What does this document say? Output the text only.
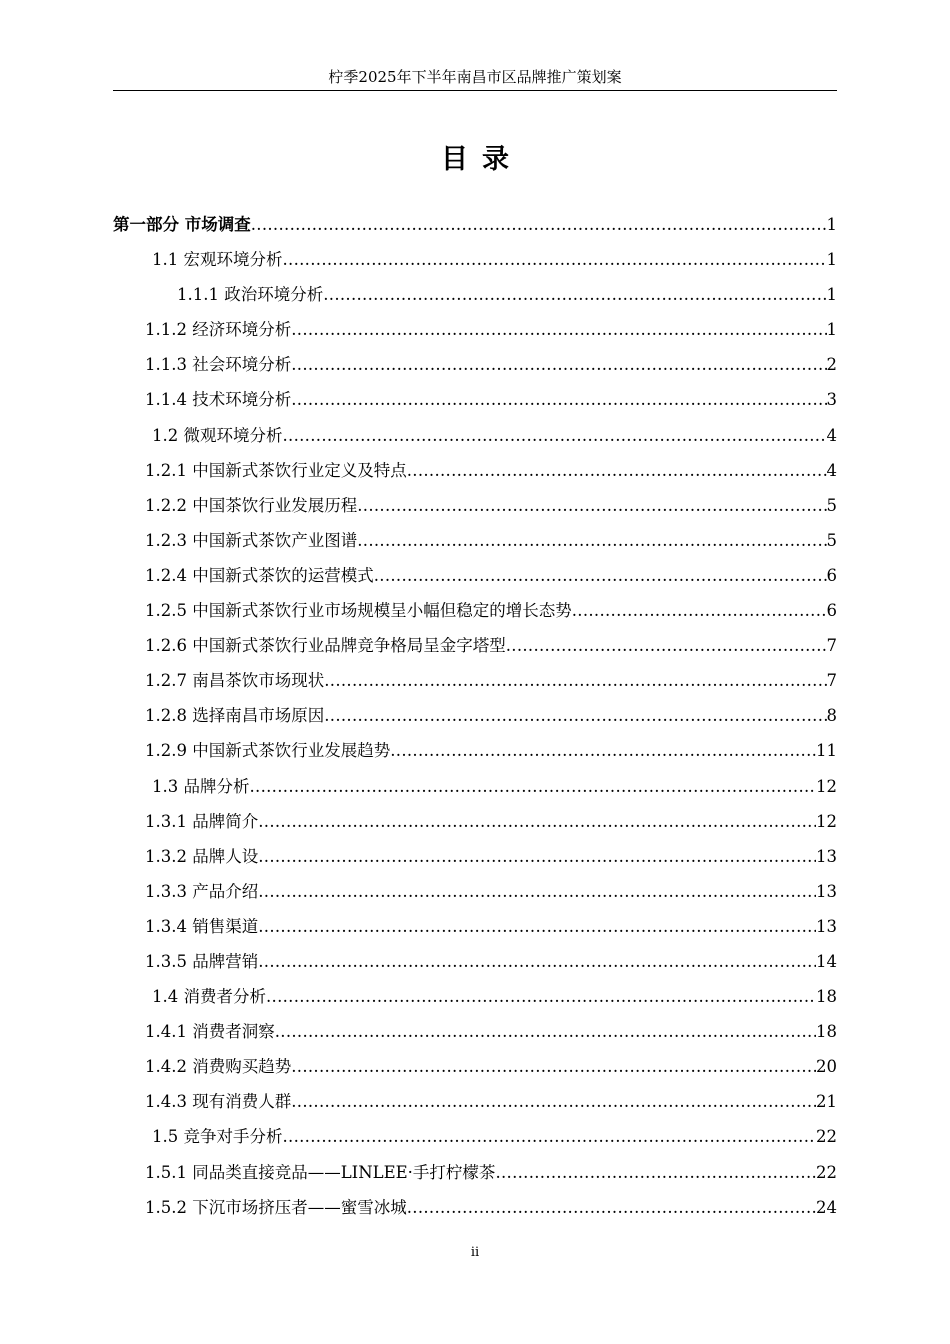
柠季2025年下半年南昌市区品牌推广策划案
目录
第一部分 市场调查 .....	1
1.1 宏观环境分析 .....	1
1.1.1 政治环境分析 .....	1
1.1.2 经济环境分析 .....	1
1.1.3 社会环境分析 .....	2
1.1.4 技术环境分析 .....	3
1.2 微观环境分析 .....	4
1.2.1 中国新式茶饮行业定义及特点 .....	4
1.2.2 中国茶饮行业发展历程 .....	5
1.2.3 中国新式茶饮产业图谱 .....	5
1.2.4 中国新式茶饮的运营模式 .....	6
1.2.5 中国新式茶饮行业市场规模呈小幅但稳定的增长态势 .....	6
1.2.6 中国新式茶饮行业品牌竞争格局呈金字塔型 .....	7
1.2.7 南昌茶饮市场现状 .....	7
1.2.8 选择南昌市场原因 .....	8
1.2.9 中国新式茶饮行业发展趋势 .....	11
1.3 品牌分析 .....	12
1.3.1 品牌简介 .....	12
1.3.2 品牌人设 .....	13
1.3.3 产品介绍 .....	13
1.3.4 销售渠道 .....	13
1.3.5 品牌营销 .....	14
1.4 消费者分析 .....	18
1.4.1 消费者洞察 .....	18
1.4.2 消费购买趋势 .....	20
1.4.3 现有消费人群 .....	21
1.5 竞争对手分析 .....	22
1.5.1 同品类直接竞品——LINLEE·手打柠檬茶 .....	22
1.5.2 下沉市场挤压者——蜜雪冰城 .....	24
ii
